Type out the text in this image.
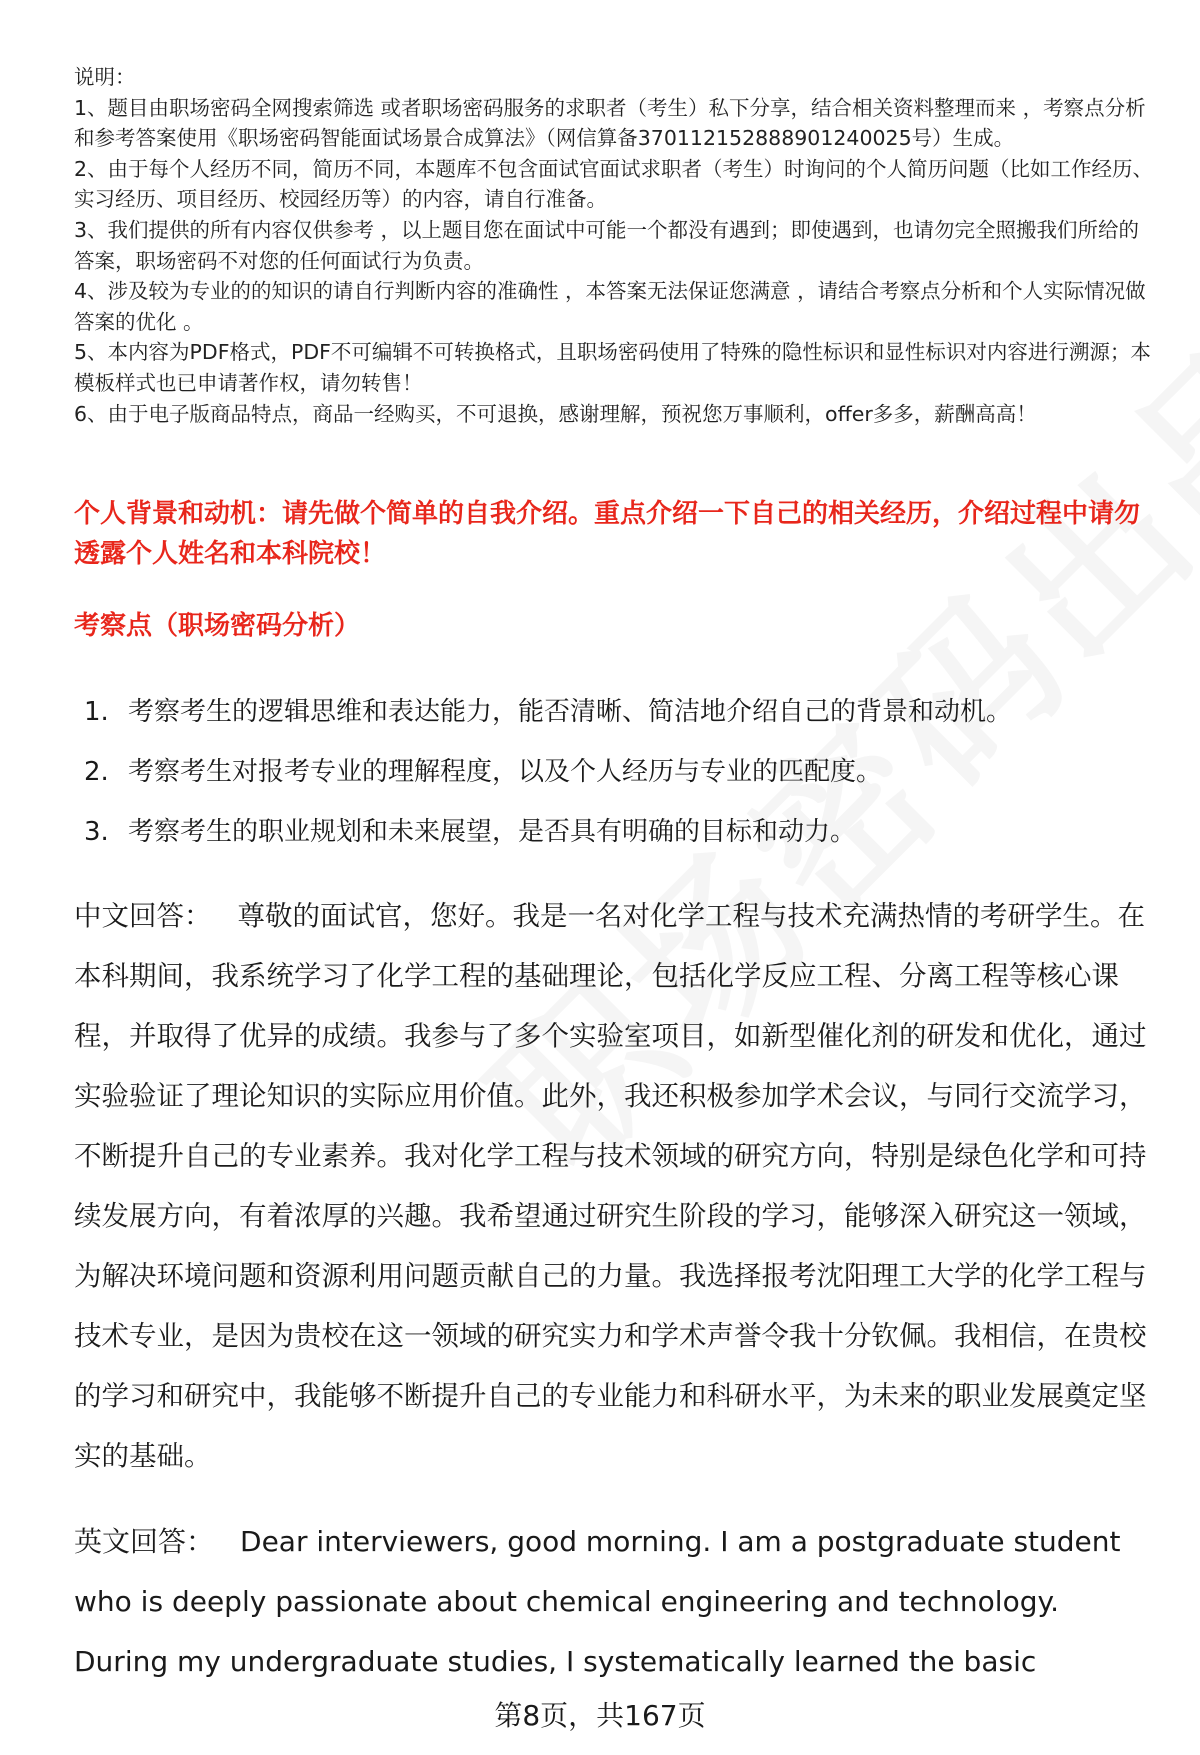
说明：

1、题目由职场密码全网搜索筛选 或者职场密码服务的求职者（考生）私下分享，结合相关资料整理而来 ，考察点分析和参考答案使用《职场密码智能面试场景合成算法》（网信算备370112152888901240025号）生成。

2、由于每个人经历不同，简历不同，本题库不包含面试官面试求职者（考生）时询问的个人简历问题（比如工作经历、实习经历、项目经历、校园经历等）的内容，请自行准备。

3、我们提供的所有内容仅供参考 ，以上题目您在面试中可能一个都没有遇到；即使遇到，也请勿完全照搬我们所给的答案，职场密码不对您的任何面试行为负责。

4、涉及较为专业的的知识的请自行判断内容的准确性 ，本答案无法保证您满意 ，请结合考察点分析和个人实际情况做答案的优化 。

5、本内容为PDF格式，PDF不可编辑不可转换格式，且职场密码使用了特殊的隐性标识和显性标识对内容进行溯源；本模板样式也已申请著作权，请勿转售！

6、由于电子版商品特点，商品一经购买，不可退换，感谢理解，预祝您万事顺利，offer多多，薪酬高高！

个人背景和动机：请先做个简单的自我介绍。重点介绍一下自己的相关经历，介绍过程中请勿透露个人姓名和本科院校！
考察点（职场密码分析）
1. 考察考生的逻辑思维和表达能力，能否清晰、简洁地介绍自己的背景和动机。
2. 考察考生对报考专业的理解程度，以及个人经历与专业的匹配度。
3. 考察考生的职业规划和未来展望，是否具有明确的目标和动力。

中文回答： 尊敬的面试官，您好。我是一名对化学工程与技术充满热情的考研学生。在本科期间，我系统学习了化学工程的基础理论，包括化学反应工程、分离工程等核心课程，并取得了优异的成绩。我参与了多个实验室项目，如新型催化剂的研发和优化，通过实验验证了理论知识的实际应用价值。此外，我还积极参加学术会议，与同行交流学习，不断提升自己的专业素养。我对化学工程与技术领域的研究方向，特别是绿色化学和可持续发展方向，有着浓厚的兴趣。我希望通过研究生阶段的学习，能够深入研究这一领域，为解决环境问题和资源利用问题贡献自己的力量。我选择报考沈阳理工大学的化学工程与技术专业，是因为贵校在这一领域的研究实力和学术声誉令我十分钦佩。我相信，在贵校的学习和研究中，我能够不断提升自己的专业能力和科研水平，为未来的职业发展奠定坚实的基础。

英文回答： Dear interviewers, good morning. I am a postgraduate student who is deeply passionate about chemical engineering and technology. During my undergraduate studies, I systematically learned the basic

第8页，共167页
